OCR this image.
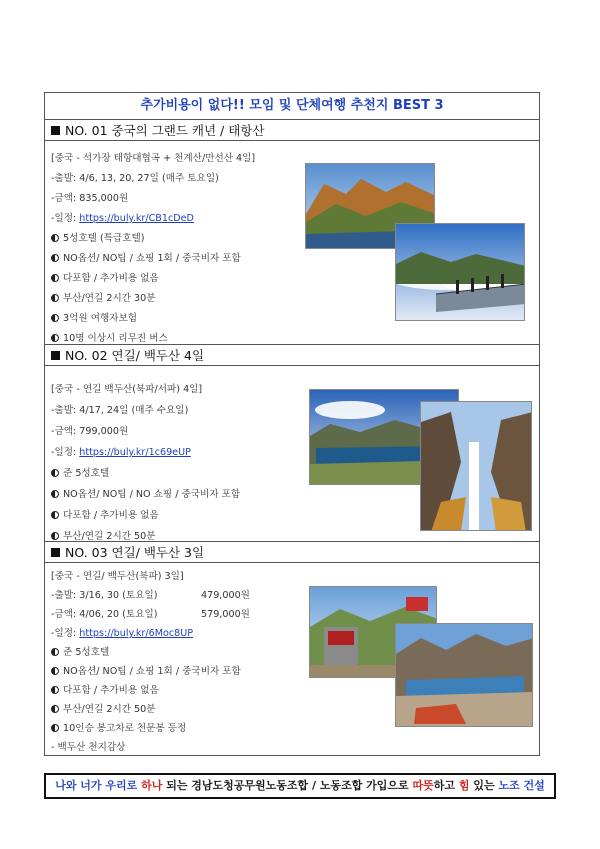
추가비용이 없다!! 모임 및 단체여행 추천지 BEST 3
NO. 01 중국의 그랜드 캐년 / 태항산
[중국 - 석가장 태항대협곡 + 천계산/만선산 4일]
-출발: 4/6, 13, 20, 27일 (매주 토요일)
-금액: 835,000원
-일정: https://buly.kr/CB1cDeD
5성호텔 (특급호텔)
NO옵션/ NO팁 / 쇼핑 1회 / 중국비자 포함
다포함 / 추가비용 없음
부산/연길 2시간 30분
3억원 여행자보험
10명 이상시 리무진 버스
NO. 02 연길/ 백두산 4일
[중국 - 연길 백두산(북파/서파) 4일]
-출발: 4/17, 24일 (매주 수요일)
-금액: 799,000원
-일정: https://buly.kr/1c69eUP
준 5성호텔
NO옵션/ NO팁 / NO 쇼핑 / 중국비자 포함
다포함 / 추가비용 없음
부산/연길 2시간 50분
NO. 03 연길/ 백두산 3일
[중국 - 연길/ 백두산(북파) 3일]
-출발: 3/16, 30 (토요일)	479,000원
-금액: 4/06, 20 (토요일)	579,000원
-일정: https://buly.kr/6Moc8UP
준 5성호텔
NO옵션/ NO팁 / 쇼핑 1회 / 중국비자 포함
다포함 / 추가비용 없음
부산/연길 2시간 50분
10인승 봉고차로 천문봉 등정
- 백두산 천지감상
나와 너가 우리로 하나 되는 경남도청공무원노동조합 / 노동조합 가입으로 따뜻하고 힘 있는 노조 건설
